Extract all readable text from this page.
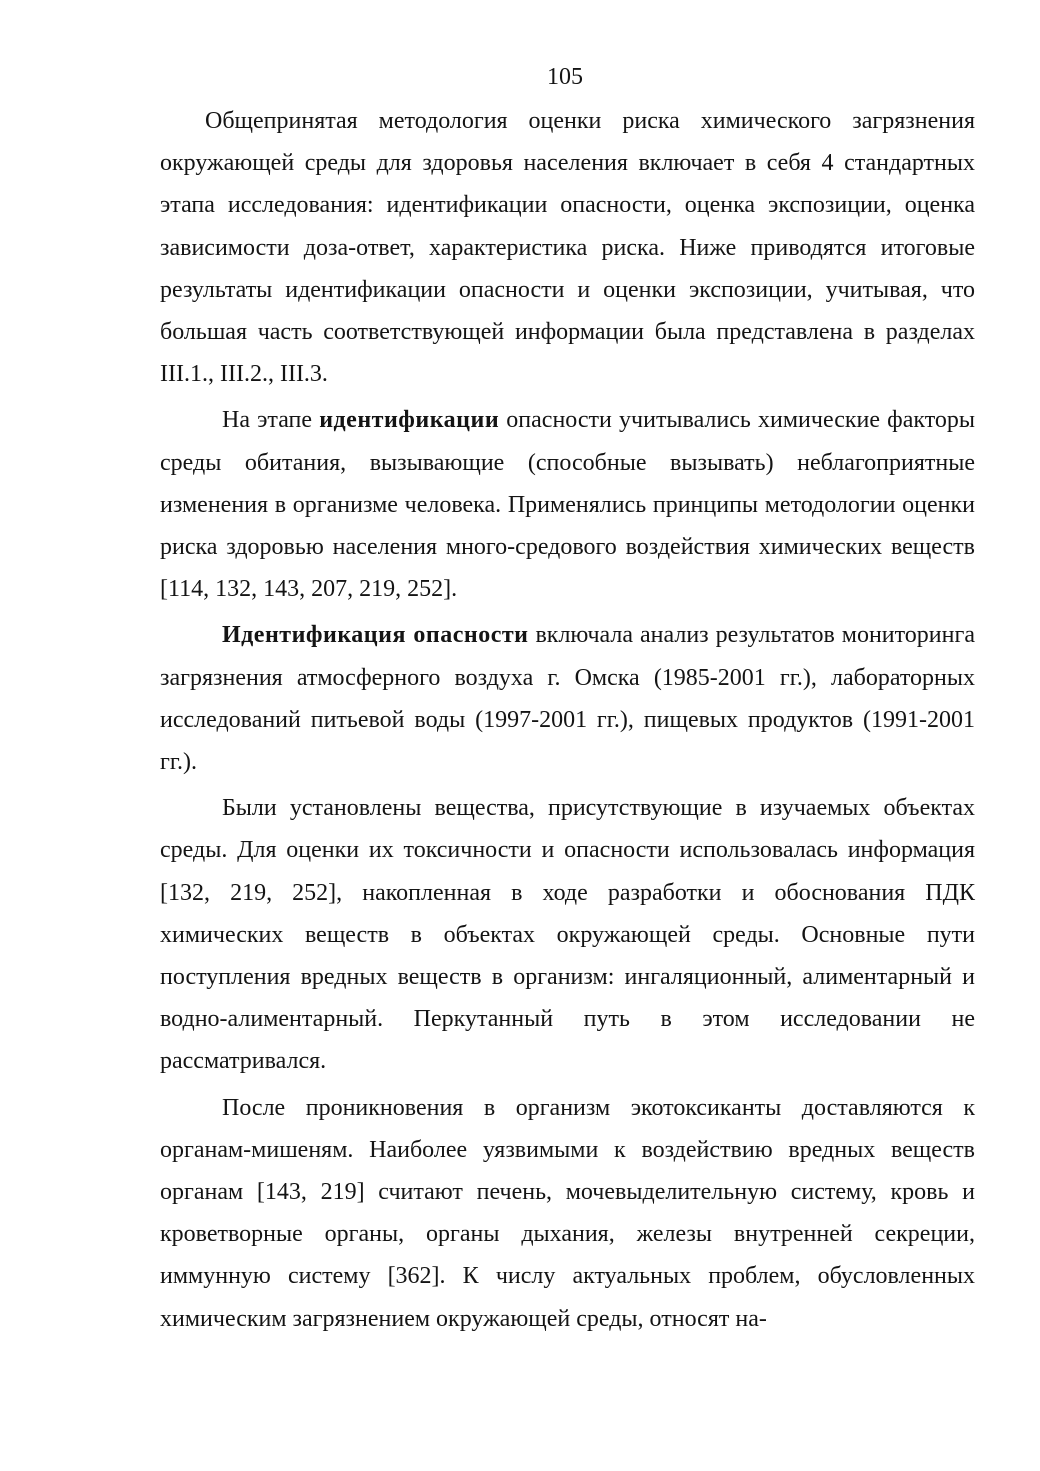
105

Общепринятая методология оценки риска химического загрязнения окружающей среды для здоровья населения включает в себя 4 стандартных этапа исследования: идентификации опасности, оценка экспозиции, оценка зависимости доза-ответ, характеристика риска. Ниже приводятся итоговые результаты идентификации опасности и оценки экспозиции, учитывая, что большая часть соответствующей информации была представлена в разделах III.1., III.2., III.3.

На этапе идентификации опасности учитывались химические факторы среды обитания, вызывающие (способные вызывать) неблагоприятные изменения в организме человека. Применялись принципы методологии оценки риска здоровью населения много-средового воздействия химических веществ [114, 132, 143, 207, 219, 252].

Идентификация опасности включала анализ результатов мониторинга загрязнения атмосферного воздуха г. Омска (1985-2001 гг.), лабораторных исследований питьевой воды (1997-2001 гг.), пищевых продуктов (1991-2001 гг.).

Были установлены вещества, присутствующие в изучаемых объектах среды. Для оценки их токсичности и опасности использовалась информация [132, 219, 252], накопленная в ходе разработки и обоснования ПДК химических веществ в объектах окружающей среды. Основные пути поступления вредных веществ в организм: ингаляционный, алиментарный и водно-алиментарный. Перкутанный путь в этом исследовании не рассматривался.

После проникновения в организм экотоксиканты доставляются к органам-мишеням. Наиболее уязвимыми к воздействию вредных веществ органам [143, 219] считают печень, мочевыделительную систему, кровь и кроветворные органы, органы дыхания, железы внутренней секреции, иммунную систему [362]. К числу актуальных проблем, обусловленных химическим загрязнением окружающей среды, относят на-
